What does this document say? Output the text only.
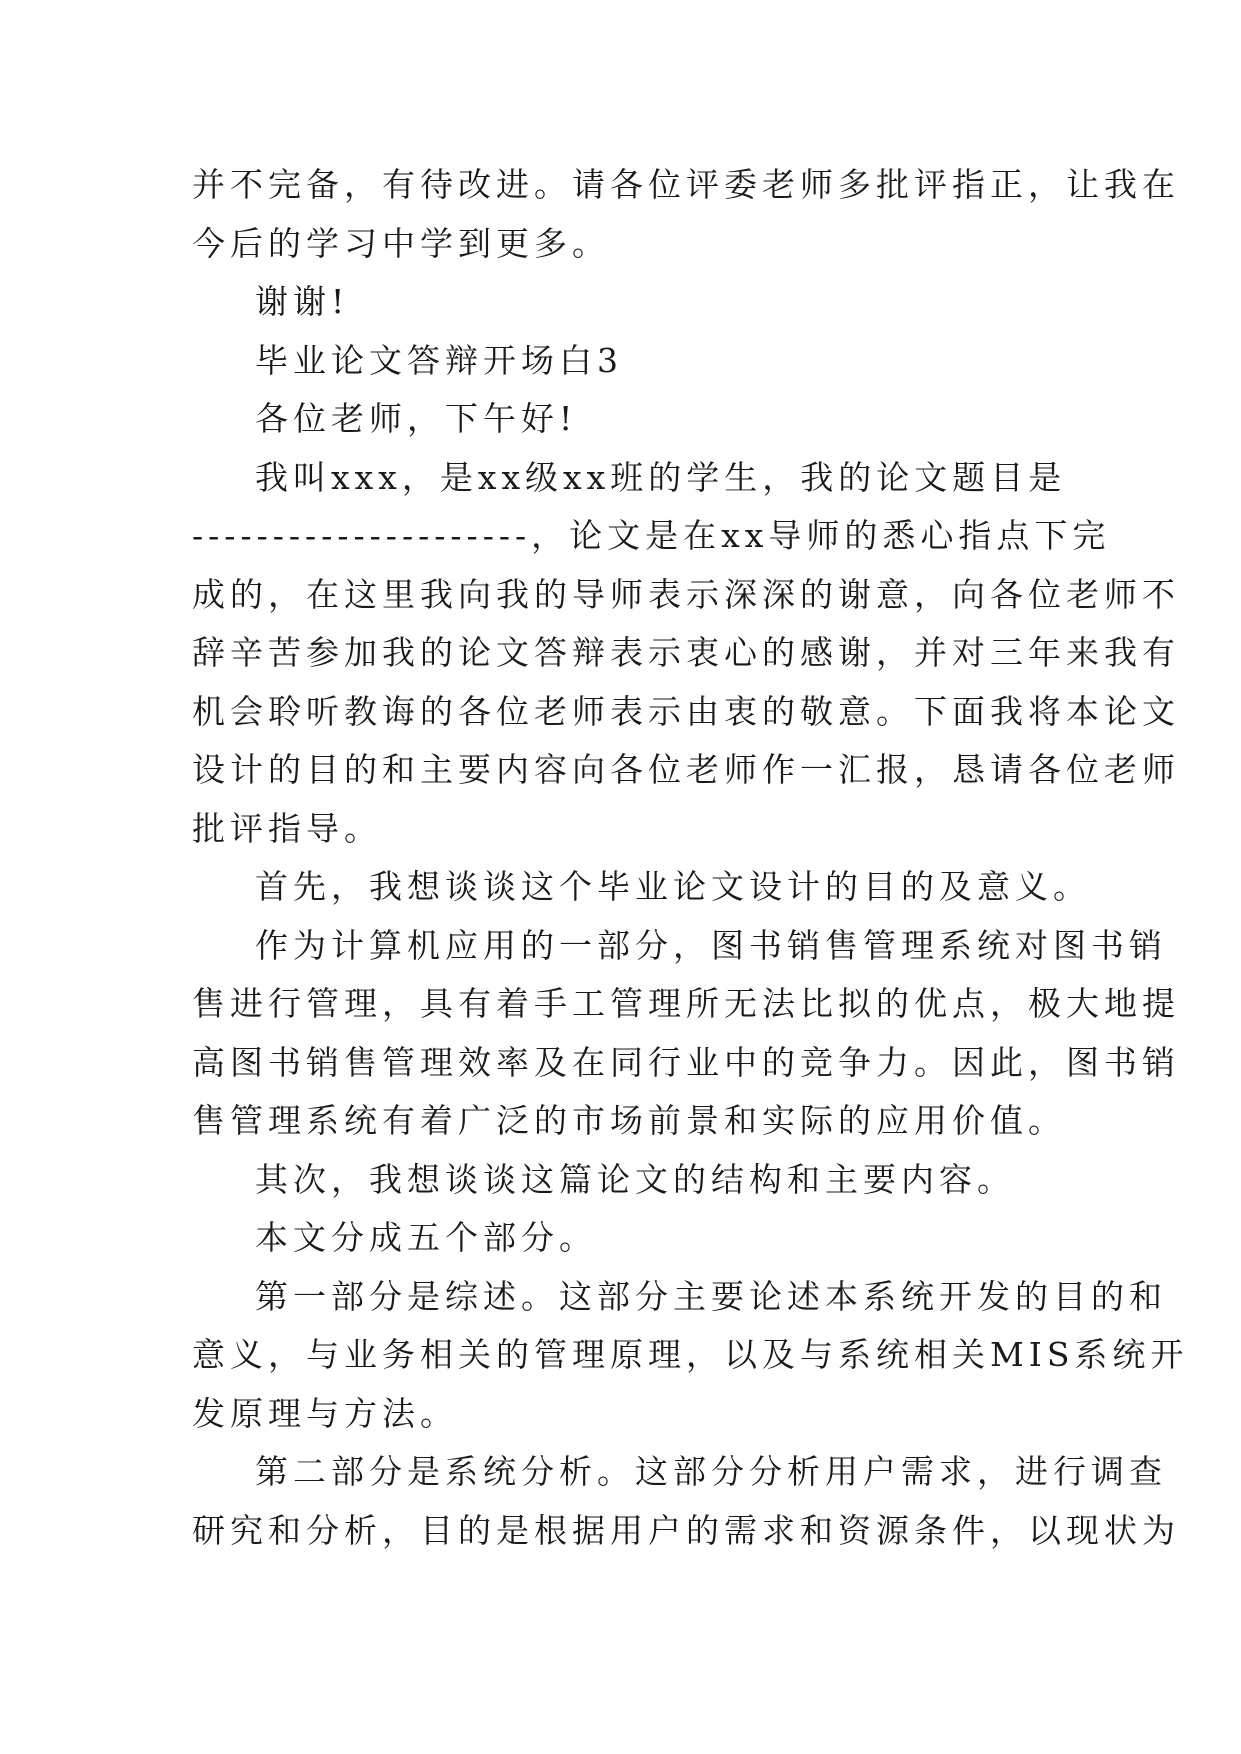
并不完备，有待改进。请各位评委老师多批评指正，让我在
今后的学习中学到更多。
谢谢!
毕业论文答辩开场白3
各位老师，下午好!
我叫xxx，是xx级xx班的学生，我的论文题目是
---------------------，论文是在xx导师的悉心指点下完
成的，在这里我向我的导师表示深深的谢意，向各位老师不
辞辛苦参加我的论文答辩表示衷心的感谢，并对三年来我有
机会聆听教诲的各位老师表示由衷的敬意。下面我将本论文
设计的目的和主要内容向各位老师作一汇报，恳请各位老师
批评指导。
首先，我想谈谈这个毕业论文设计的目的及意义。
作为计算机应用的一部分，图书销售管理系统对图书销
售进行管理，具有着手工管理所无法比拟的优点，极大地提
高图书销售管理效率及在同行业中的竞争力。因此，图书销
售管理系统有着广泛的市场前景和实际的应用价值。
其次，我想谈谈这篇论文的结构和主要内容。
本文分成五个部分。
第一部分是综述。这部分主要论述本系统开发的目的和
意义，与业务相关的管理原理，以及与系统相关MIS系统开
发原理与方法。
第二部分是系统分析。这部分分析用户需求，进行调查
研究和分析，目的是根据用户的需求和资源条件，以现状为
